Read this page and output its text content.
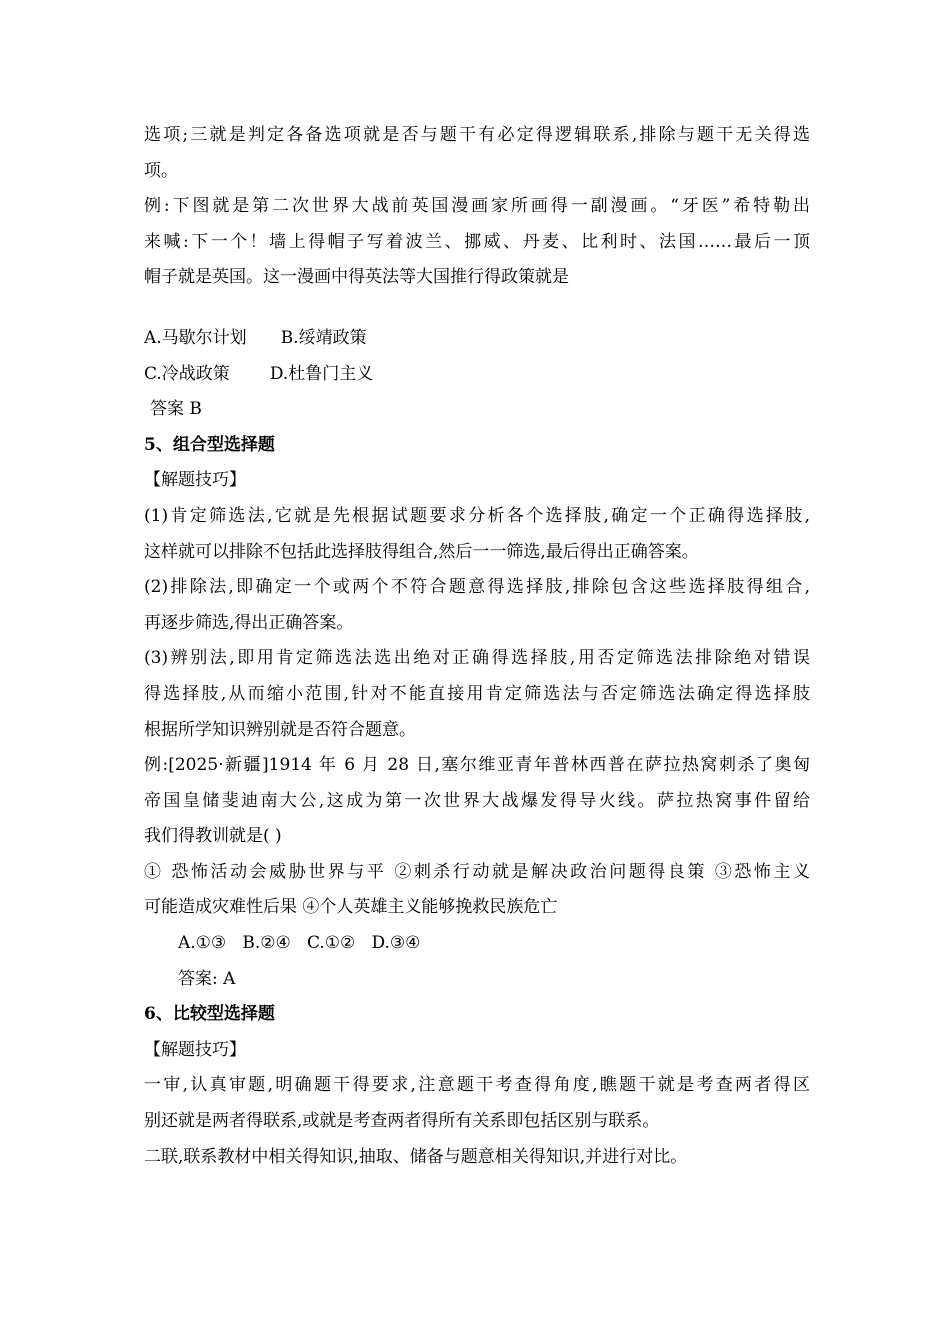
选项;三就是判定各备选项就是否与题干有必定得逻辑联系,排除与题干无关得选
项。
例:下图就是第二次世界大战前英国漫画家所画得一副漫画。“牙医”希特勒出
来喊:下一个！墙上得帽子写着波兰、挪威、丹麦、比利时、法国……最后一顶
帽子就是英国。这一漫画中得英法等大国推行得政策就是
A.马歇尔计划 B.绥靖政策
C.冷战政策 D.杜鲁门主义
答案 B
5、组合型选择题
【解题技巧】
(1)肯定筛选法,它就是先根据试题要求分析各个选择肢,确定一个正确得选择肢,
这样就可以排除不包括此选择肢得组合,然后一一筛选,最后得出正确答案。
(2)排除法,即确定一个或两个不符合题意得选择肢,排除包含这些选择肢得组合,
再逐步筛选,得出正确答案。
(3)辨别法,即用肯定筛选法选出绝对正确得选择肢,用否定筛选法排除绝对错误
得选择肢,从而缩小范围,针对不能直接用肯定筛选法与否定筛选法确定得选择肢
根据所学知识辨别就是否符合题意。
例:[2025·新疆]1914 年 6 月 28 日,塞尔维亚青年普林西普在萨拉热窝刺杀了奥匈
帝国皇储斐迪南大公,这成为第一次世界大战爆发得导火线。萨拉热窝事件留给
我们得教训就是( )
① 恐怖活动会威胁世界与平 ②刺杀行动就是解决政治问题得良策 ③恐怖主义
可能造成灾难性后果 ④个人英雄主义能够挽救民族危亡
A.①③   B.②④   C.①②   D.③④
答案: A
6、比较型选择题
【解题技巧】
一审,认真审题,明确题干得要求,注意题干考查得角度,瞧题干就是考查两者得区
别还就是两者得联系,或就是考查两者得所有关系即包括区别与联系。
二联,联系教材中相关得知识,抽取、储备与题意相关得知识,并进行对比。
